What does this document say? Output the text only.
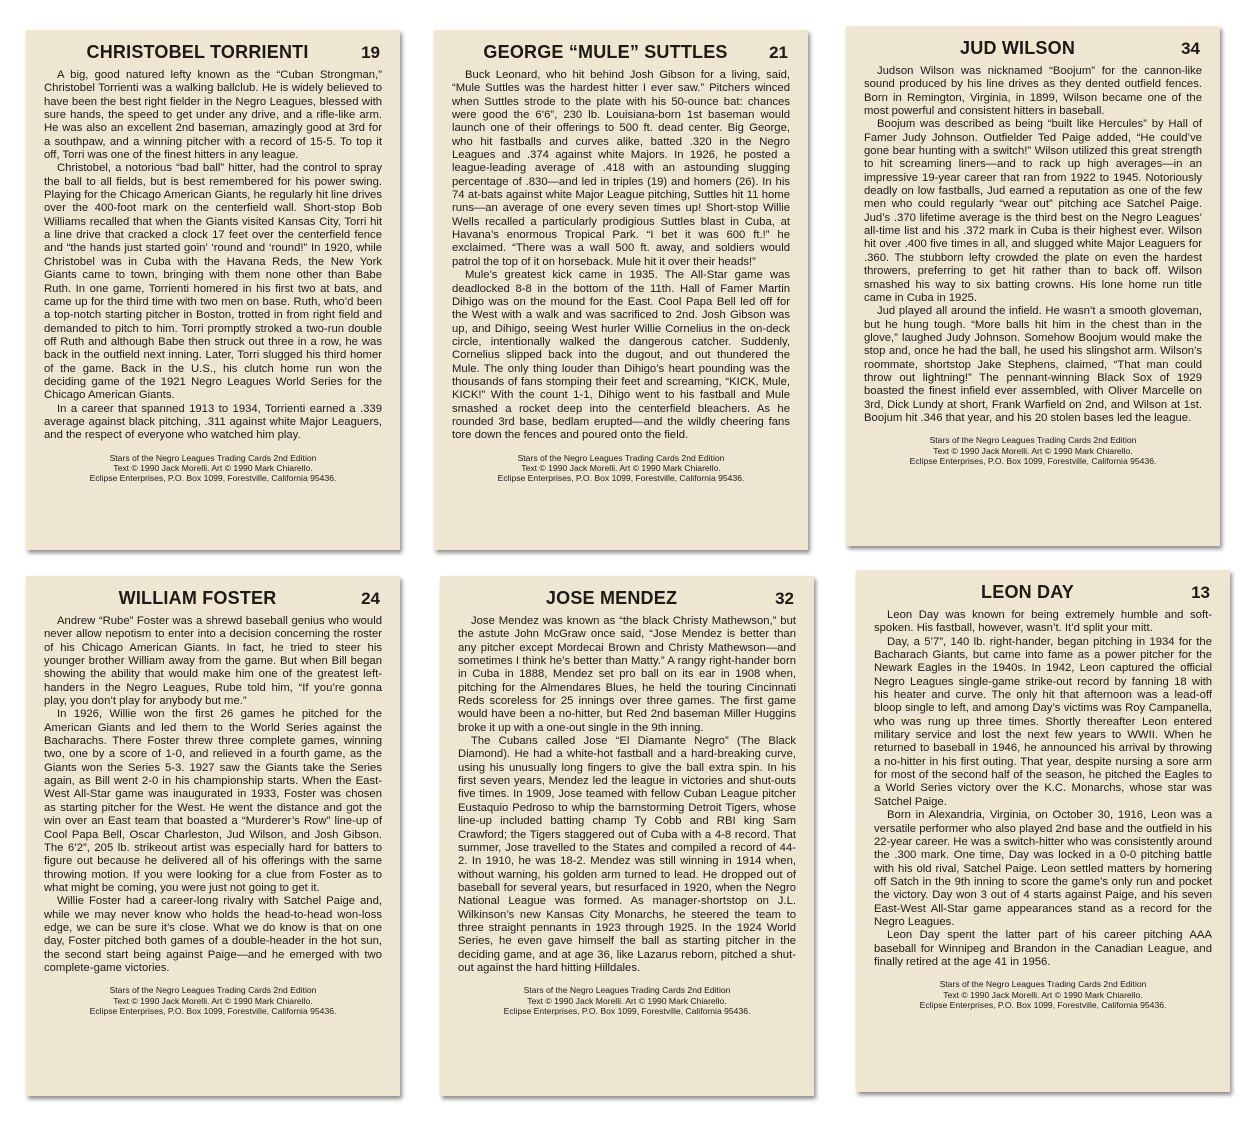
CHRISTOBEL TORRIENTI	19

A big, good natured lefty known as the “Cuban Strongman,” Christobel Torrienti was a walking ballclub. He is widely believed to have been the best right fielder in the Negro Leagues, blessed with sure hands, the speed to get under any drive, and a rifle-like arm. He was also an excellent 2nd baseman, amazingly good at 3rd for a southpaw, and a winning pitcher with a record of 15-5. To top it off, Torri was one of the finest hitters in any league.

Christobel, a notorious “bad ball” hitter, had the control to spray the ball to all fields, but is best remembered for his power swing. Playing for the Chicago American Giants, he regularly hit line drives over the 400-foot mark on the centerfield wall. Short-stop Bob Williams recalled that when the Giants visited Kansas City, Torri hit a line drive that cracked a clock 17 feet over the centerfield fence and “the hands just started goin’ ‘round and ‘round!” In 1920, while Christobel was in Cuba with the Havana Reds, the New York Giants came to town, bringing with them none other than Babe Ruth. In one game, Torrienti homered in his first two at bats, and came up for the third time with two men on base. Ruth, who’d been a top-notch starting pitcher in Boston, trotted in from right field and demanded to pitch to him. Torri promptly stroked a two-run double off Ruth and although Babe then struck out three in a row, he was back in the outfield next inning. Later, Torri slugged his third homer of the game. Back in the U.S., his clutch home run won the deciding game of the 1921 Negro Leagues World Series for the Chicago American Giants.

In a career that spanned 1913 to 1934, Torrienti earned a .339 average against black pitching, .311 against white Major Leaguers, and the respect of everyone who watched him play.

Stars of the Negro Leagues Trading Cards 2nd Edition
Text © 1990 Jack Morelli. Art © 1990 Mark Chiarello.
Eclipse Enterprises, P.O. Box 1099, Forestville, California 95436.
GEORGE “MULE” SUTTLES	21

Buck Leonard, who hit behind Josh Gibson for a living, said, “Mule Suttles was the hardest hitter I ever saw.” Pitchers winced when Suttles strode to the plate with his 50-ounce bat: chances were good the 6’6”, 230 lb. Louisiana-born 1st baseman would launch one of their offerings to 500 ft. dead center. Big George, who hit fastballs and curves alike, batted .320 in the Negro Leagues and .374 against white Majors. In 1926, he posted a league-leading average of .418 with an astounding slugging percentage of .830—and led in triples (19) and homers (26). In his 74 at-bats against white Major League pitching, Suttles hit 11 home runs—an average of one every seven times up! Short-stop Willie Wells recalled a particularly prodigious Suttles blast in Cuba, at Havana’s enormous Tropical Park. “I bet it was 600 ft.!” he exclaimed. “There was a wall 500 ft. away, and soldiers would patrol the top of it on horseback. Mule hit it over their heads!”

Mule’s greatest kick came in 1935. The All-Star game was deadlocked 8-8 in the bottom of the 11th. Hall of Famer Martin Dihigo was on the mound for the East. Cool Papa Bell led off for the West with a walk and was sacrificed to 2nd. Josh Gibson was up, and Dihigo, seeing West hurler Willie Cornelius in the on-deck circle, intentionally walked the dangerous catcher. Suddenly, Cornelius slipped back into the dugout, and out thundered the Mule. The only thing louder than Dihigo’s heart pounding was the thousands of fans stomping their feet and screaming, “KICK, Mule, KICK!” With the count 1-1, Dihigo went to his fastball and Mule smashed a rocket deep into the centerfield bleachers. As he rounded 3rd base, bedlam erupted—and the wildly cheering fans tore down the fences and poured onto the field.

Stars of the Negro Leagues Trading Cards 2nd Edition
Text © 1990 Jack Morelli. Art © 1990 Mark Chiarello.
Eclipse Enterprises, P.O. Box 1099, Forestville, California 95436.
JUD WILSON	34

Judson Wilson was nicknamed “Boojum” for the cannon-like sound produced by his line drives as they dented outfield fences. Born in Remington, Virginia, in 1899, Wilson became one of the most powerful and consistent hitters in baseball.

Boojum was described as being “built like Hercules” by Hall of Famer Judy Johnson. Outfielder Ted Paige added, “He could’ve gone bear hunting with a switch!” Wilson utilized this great strength to hit screaming liners—and to rack up high averages—in an impressive 19-year career that ran from 1922 to 1945. Notoriously deadly on low fastballs, Jud earned a reputation as one of the few men who could regularly “wear out” pitching ace Satchel Paige. Jud’s .370 lifetime average is the third best on the Negro Leagues’ all-time list and his .372 mark in Cuba is their highest ever. Wilson hit over .400 five times in all, and slugged white Major Leaguers for .360. The stubborn lefty crowded the plate on even the hardest throwers, preferring to get hit rather than to back off. Wilson smashed his way to six batting crowns. His lone home run title came in Cuba in 1925.

Jud played all around the infield. He wasn’t a smooth gloveman, but he hung tough. “More balls hit him in the chest than in the glove,” laughed Judy Johnson. Somehow Boojum would make the stop and, once he had the ball, he used his slingshot arm. Wilson’s roommate, shortstop Jake Stephens, claimed, “That man could throw out lightning!” The pennant-winning Black Sox of 1929 boasted the finest infield ever assembled, with Oliver Marcelle on 3rd, Dick Lundy at short, Frank Warfield on 2nd, and Wilson at 1st. Boojum hit .346 that year, and his 20 stolen bases led the league.

Stars of the Negro Leagues Trading Cards 2nd Edition
Text © 1990 Jack Morelli. Art © 1990 Mark Chiarello.
Eclipse Enterprises, P.O. Box 1099, Forestville, California 95436.
WILLIAM FOSTER	24

Andrew “Rube” Foster was a shrewd baseball genius who would never allow nepotism to enter into a decision concerning the roster of his Chicago American Giants. In fact, he tried to steer his younger brother William away from the game. But when Bill began showing the ability that would make him one of the greatest left-handers in the Negro Leagues, Rube told him, “If you’re gonna play, you don’t play for anybody but me.”

In 1926, Willie won the first 26 games he pitched for the American Giants and led them to the World Series against the Bacharachs. There Foster threw three complete games, winning two, one by a score of 1-0, and relieved in a fourth game, as the Giants won the Series 5-3. 1927 saw the Giants take the Series again, as Bill went 2-0 in his championship starts. When the East-West All-Star game was inaugurated in 1933, Foster was chosen as starting pitcher for the West. He went the distance and got the win over an East team that boasted a “Murderer’s Row” line-up of Cool Papa Bell, Oscar Charleston, Jud Wilson, and Josh Gibson. The 6’2”, 205 lb. strikeout artist was especially hard for batters to figure out because he delivered all of his offerings with the same throwing motion. If you were looking for a clue from Foster as to what might be coming, you were just not going to get it.

Willie Foster had a career-long rivalry with Satchel Paige and, while we may never know who holds the head-to-head won-loss edge, we can be sure it’s close. What we do know is that on one day, Foster pitched both games of a double-header in the hot sun, the second start being against Paige—and he emerged with two complete-game victories.

Stars of the Negro Leagues Trading Cards 2nd Edition
Text © 1990 Jack Morelli. Art © 1990 Mark Chiarello.
Eclipse Enterprises, P.O. Box 1099, Forestville, California 95436.
JOSE MENDEZ	32

Jose Mendez was known as “the black Christy Mathewson,” but the astute John McGraw once said, “Jose Mendez is better than any pitcher except Mordecai Brown and Christy Mathewson—and sometimes I think he’s better than Matty.” A rangy right-hander born in Cuba in 1888, Mendez set pro ball on its ear in 1908 when, pitching for the Almendares Blues, he held the touring Cincinnati Reds scoreless for 25 innings over three games. The first game would have been a no-hitter, but Red 2nd baseman Miller Huggins broke it up with a one-out single in the 9th inning.

The Cubans called Jose “El Diamante Negro” (The Black Diamond). He had a white-hot fastball and a hard-breaking curve, using his unusually long fingers to give the ball extra spin. In his first seven years, Mendez led the league in victories and shut-outs five times. In 1909, Jose teamed with fellow Cuban League pitcher Eustaquio Pedroso to whip the barnstorming Detroit Tigers, whose line-up included batting champ Ty Cobb and RBI king Sam Crawford; the Tigers staggered out of Cuba with a 4-8 record. That summer, Jose travelled to the States and compiled a record of 44-2. In 1910, he was 18-2. Mendez was still winning in 1914 when, without warning, his golden arm turned to lead. He dropped out of baseball for several years, but resurfaced in 1920, when the Negro National League was formed. As manager-shortstop on J.L. Wilkinson’s new Kansas City Monarchs, he steered the team to three straight pennants in 1923 through 1925. In the 1924 World Series, he even gave himself the ball as starting pitcher in the deciding game, and at age 36, like Lazarus reborn, pitched a shut-out against the hard hitting Hilldales.

Stars of the Negro Leagues Trading Cards 2nd Edition
Text © 1990 Jack Morelli. Art © 1990 Mark Chiarello.
Eclipse Enterprises, P.O. Box 1099, Forestville, California 95436.
LEON DAY	13

Leon Day was known for being extremely humble and soft-spoken. His fastball, however, wasn’t. It’d split your mitt.

Day, a 5’7”, 140 lb. right-hander, began pitching in 1934 for the Bacharach Giants, but came into fame as a power pitcher for the Newark Eagles in the 1940s. In 1942, Leon captured the official Negro Leagues single-game strike-out record by fanning 18 with his heater and curve. The only hit that afternoon was a lead-off bloop single to left, and among Day’s victims was Roy Campanella, who was rung up three times. Shortly thereafter Leon entered military service and lost the next few years to WWII. When he returned to baseball in 1946, he announced his arrival by throwing a no-hitter in his first outing. That year, despite nursing a sore arm for most of the second half of the season, he pitched the Eagles to a World Series victory over the K.C. Monarchs, whose star was Satchel Paige.

Born in Alexandria, Virginia, on October 30, 1916, Leon was a versatile performer who also played 2nd base and the outfield in his 22-year career. He was a switch-hitter who was consistently around the .300 mark. One time, Day was locked in a 0-0 pitching battle with his old rival, Satchel Paige. Leon settled matters by homering off Satch in the 9th inning to score the game’s only run and pocket the victory. Day won 3 out of 4 starts against Paige, and his seven East-West All-Star game appearances stand as a record for the Negro Leagues.

Leon Day spent the latter part of his career pitching AAA baseball for Winnipeg and Brandon in the Canadian League, and finally retired at the age 41 in 1956.

Stars of the Negro Leagues Trading Cards 2nd Edition
Text © 1990 Jack Morelli. Art © 1990 Mark Chiarello.
Eclipse Enterprises, P.O. Box 1099, Forestville, California 95436.
